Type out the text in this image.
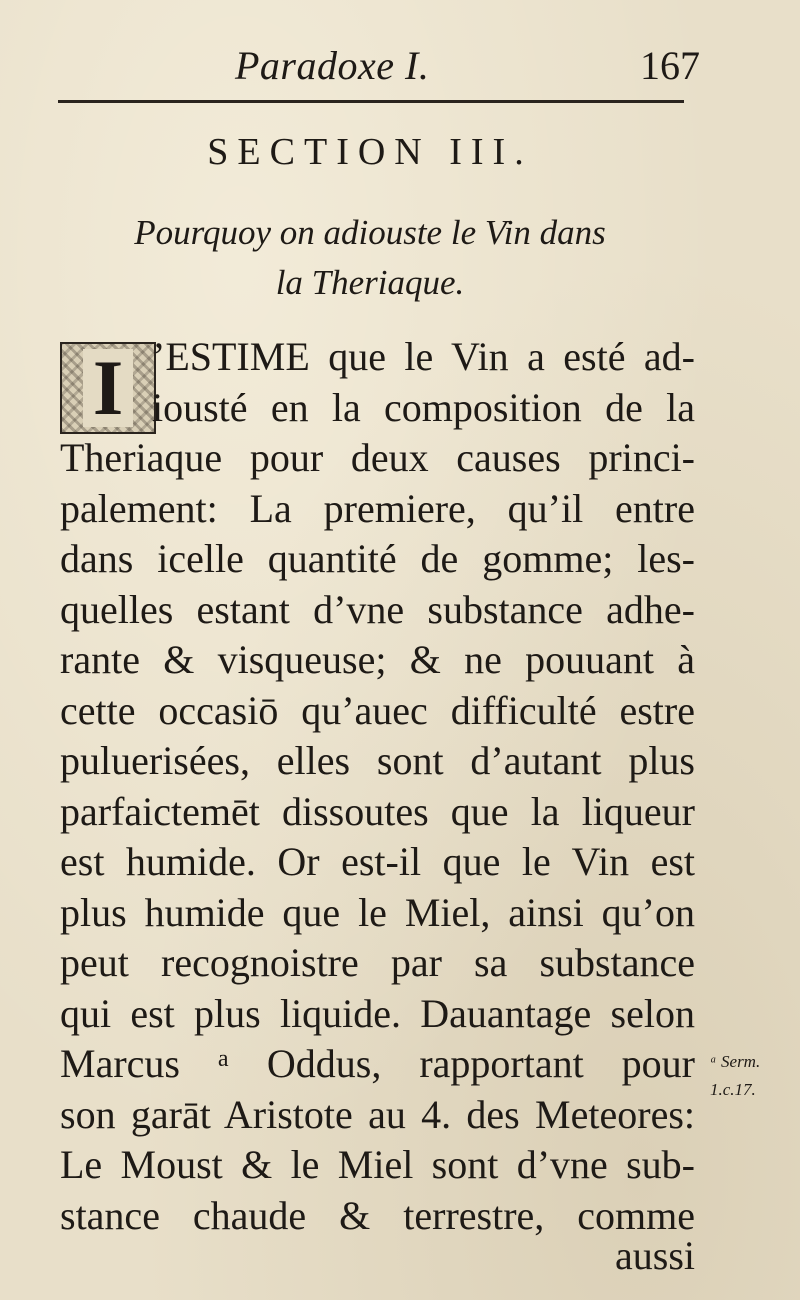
Paradoxe I.	167
SECTION III.
Pourquoy on adiouste le Vin dans
la Theriaque.
I ’ESTIME que le Vin a esté ad-
iousté en la composition de la
Theriaque pour deux causes princi-
palement: La premiere, qu’il entre
dans icelle quantité de gomme; les-
quelles estant d’vne substance adhe-
rante & visqueuse; & ne pouuant à
cette occasiō qu’auec difficulté estre
puluerisées, elles sont d’autant plus
parfaictemēt dissoutes que la liqueur
est humide. Or est-il que le Vin est
plus humide que le Miel, ainsi qu’on
peut recognoistre par sa substance
qui est plus liquide. Dauantage selon
Marcus ᵃ Oddus, rapportant pour
son garāt Aristote au 4. des Meteores:
Le Moust & le Miel sont d’vne sub-
stance chaude & terrestre, comme
ᵃ Serm.
1.c.17.
aussi
